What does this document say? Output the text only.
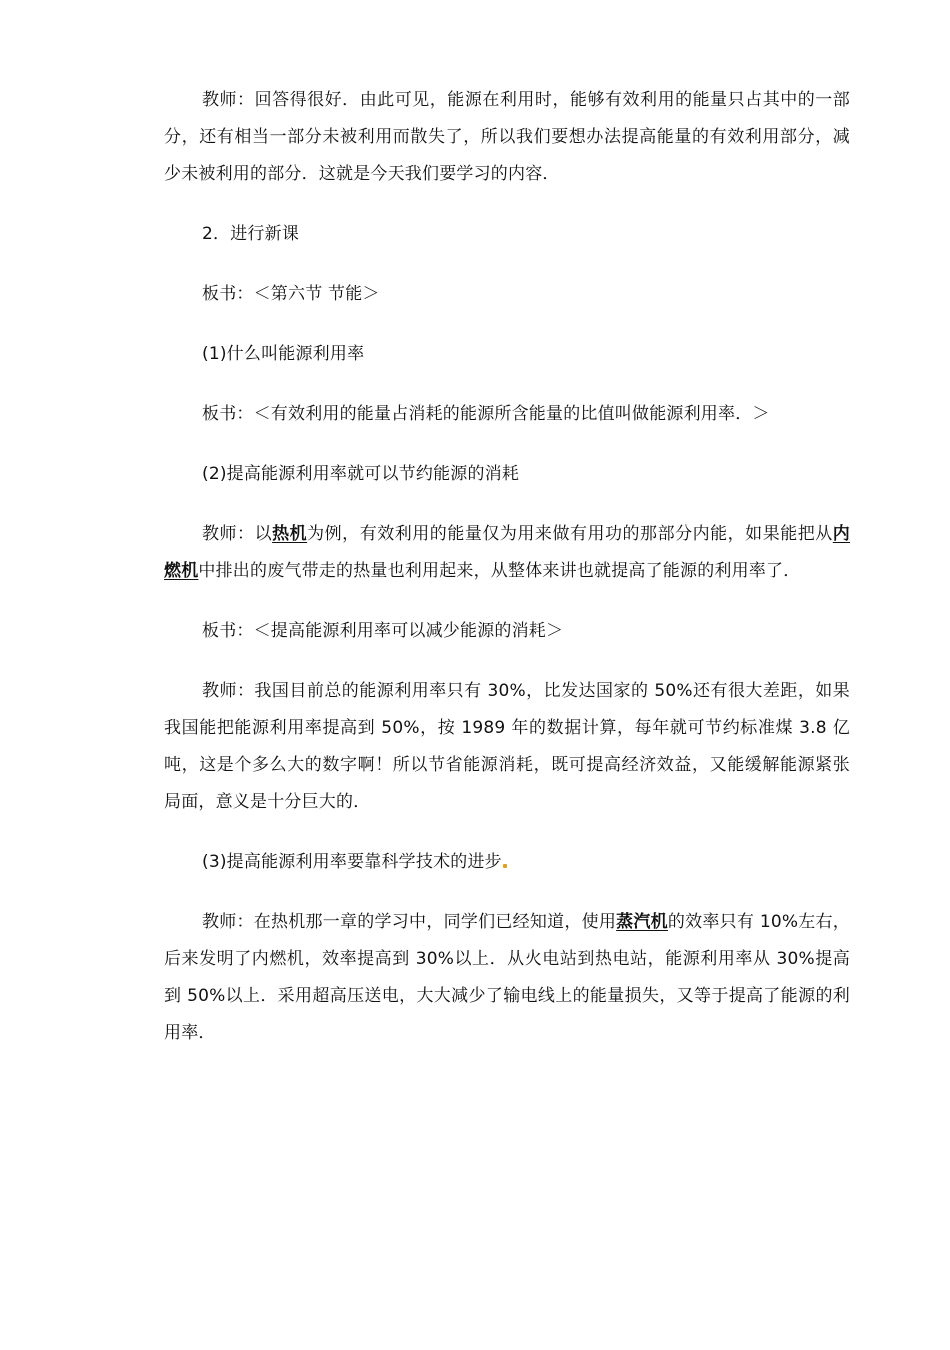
教师：回答得很好．由此可见，能源在利用时，能够有效利用的能量只占其中的一部分，还有相当一部分未被利用而散失了，所以我们要想办法提高能量的有效利用部分，减少未被利用的部分．这就是今天我们要学习的内容．

2．进行新课

板书：＜第六节 节能＞

(1)什么叫能源利用率

板书：＜有效利用的能量占消耗的能源所含能量的比值叫做能源利用率．＞

(2)提高能源利用率就可以节约能源的消耗

教师：以热机为例，有效利用的能量仅为用来做有用功的那部分内能，如果能把从内燃机中排出的废气带走的热量也利用起来，从整体来讲也就提高了能源的利用率了．

板书：＜提高能源利用率可以减少能源的消耗＞

教师：我国目前总的能源利用率只有 30%，比发达国家的 50%还有很大差距，如果我国能把能源利用率提高到 50%，按 1989 年的数据计算，每年就可节约标准煤 3.8 亿吨，这是个多么大的数字啊！所以节省能源消耗，既可提高经济效益，又能缓解能源紧张局面，意义是十分巨大的．

(3)提高能源利用率要靠科学技术的进步

教师：在热机那一章的学习中，同学们已经知道，使用蒸汽机的效率只有 10%左右，后来发明了内燃机，效率提高到 30%以上．从火电站到热电站，能源利用率从 30%提高到 50%以上．采用超高压送电，大大减少了输电线上的能量损失，又等于提高了能源的利用率．
